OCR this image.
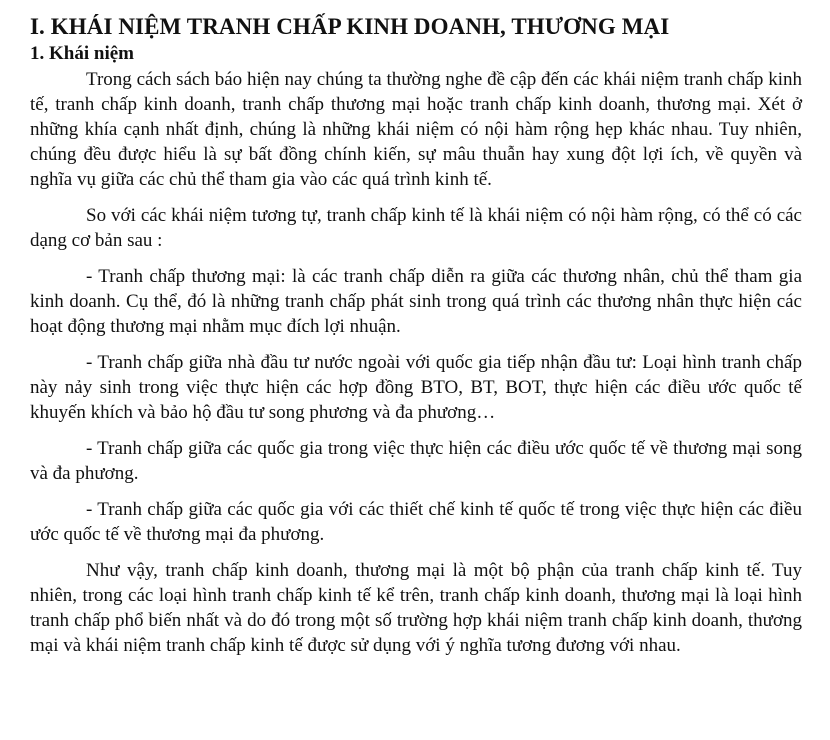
I. KHÁI NIỆM TRANH CHẤP KINH DOANH, THƯƠNG MẠI
1. Khái niệm

Trong cách sách báo hiện nay chúng ta thường nghe đề cập đến các khái niệm tranh chấp kinh tế, tranh chấp kinh doanh, tranh chấp thương mại hoặc tranh chấp kinh doanh, thương mại. Xét ở những khía cạnh nhất định, chúng là những khái niệm có nội hàm rộng hẹp khác nhau. Tuy nhiên, chúng đều được hiểu là sự bất đồng chính kiến, sự mâu thuẫn hay xung đột lợi ích, về quyền và nghĩa vụ giữa các chủ thể tham gia vào các quá trình kinh tế.

So với các khái niệm tương tự, tranh chấp kinh tế là khái niệm có nội hàm rộng, có thể có các dạng cơ bản sau :

- Tranh chấp thương mại: là các tranh chấp diễn ra giữa các thương nhân, chủ thể tham gia kinh doanh. Cụ thể, đó là những tranh chấp phát sinh trong quá trình các thương nhân thực hiện các hoạt động thương mại nhằm mục đích lợi nhuận.

- Tranh chấp giữa nhà đầu tư nước ngoài với quốc gia tiếp nhận đầu tư: Loại hình tranh chấp này nảy sinh trong việc thực hiện các hợp đồng BTO, BT, BOT, thực hiện các điều ước quốc tế khuyến khích và bảo hộ đầu tư song phương và đa phương…

- Tranh chấp giữa các quốc gia trong việc thực hiện các điều ước quốc tế về thương mại song và đa phương.

- Tranh chấp giữa các quốc gia với các thiết chế kinh tế quốc tế trong việc thực hiện các điều ước quốc tế về thương mại đa phương.

Như vậy, tranh chấp kinh doanh, thương mại là một bộ phận của tranh chấp kinh tế. Tuy nhiên, trong các loại hình tranh chấp kinh tế kể trên, tranh chấp kinh doanh, thương mại là loại hình tranh chấp phổ biến nhất và do đó trong một số trường hợp khái niệm tranh chấp kinh doanh, thương mại và khái niệm tranh chấp kinh tế được sử dụng với ý nghĩa tương đương với nhau.
